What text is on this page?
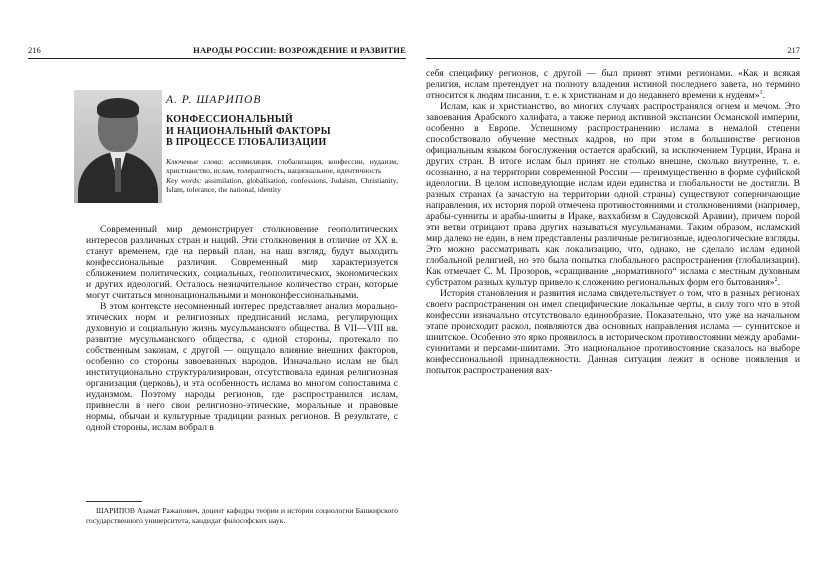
216	НАРОДЫ РОССИИ: ВОЗРОЖДЕНИЕ И РАЗВИТИЕ	217
А. Р. ШАРИПОВ
КОНФЕССИОНАЛЬНЫЙ
И НАЦИОНАЛЬНЫЙ ФАКТОРЫ
В ПРОЦЕССЕ ГЛОБАЛИЗАЦИИ

Ключевые слова: ассимиляция, глобализация, конфессии, иудаизм, христианство, ислам, толерантность, национальное, идентичность

Key words: assimilation, globalisation, confessions, Judaism, Christianity, Islam, tolerance, the national, identity

Современный мир демонстрирует столкновение геополитических интересов различных стран и наций. Эти столкновения в отличие от ХХ в. станут временем, где на первый план, на наш взгляд, будут выходить конфессиональные различия. Современный мир характеризуется сближением политических, социальных, геополитических, экономических и других идеологий. Осталось незначительное количество стран, которые могут считаться мононациональными и моноконфессиональными.

В этом контексте несомненный интерес представляет анализ морально-этических норм и религиозных предписаний ислама, регулирующих духовную и социальную жизнь мусульманского общества. В VII—VIII вв. развитие мусульманского общества, с одной стороны, протекало по собственным законам, с другой — ощущало влияние внешних факторов, особенно со стороны завоеванных народов. Изначально ислам не был институционально структурализирован, отсутствовала единая религиозная организация (церковь), и эта особенность ислама во многом сопоставима с иудаизмом. Поэтому народы регионов, где распространился ислам, привнесли в него свои религиозно-этические, моральные и правовые нормы, обычаи и культурные традиции разных регионов. В результате, с одной стороны, ислам вобрал в

ШАРИПОВ Азамат Ражапович, доцент кафедры теории и истории социологии Башкирского государственного университета, кандидат философских наук.

себя специфику регионов, с другой — был принят этими регионами. «Как и всякая религия, ислам претендует на полноту владения истиной последнего завета, но термино относится к людям писания, т. е. к христианам и до недавнего времени к нудеям»$^1$.

Ислам, как и христианство, во многих случаях распространялся огнем и мечом. Это завоевания Арабского халифата, а также период активной экспансии Османской империи, особенно в Европе. Успешному распространению ислама в немалой степени способствовало обучение местных кадров, но при этом в большинстве регионов официальным языком богослужения остается арабский, за исключением Турции, Ирана и других стран. В итоге ислам был принят не столько внешне, сколько внутренне, т. е. осознанно, а на территории современной России — преимущественно в форме суфийской идеологии. В целом исповедующие ислам идеи единства и глобальности не достигли. В разных странах (а зачастую на территории одной страны) существуют соперничающие направления, их история порой отмечена противостояниями и столкновениями (например, арабы-сунниты и арабы-шииты в Ираке, ваххабизм в Саудовской Аравии), причем порой эти ветви отрицают права других называться мусульманами. Таким образом, исламский мир далеко не един, в нем представлены различные религиозные, идеологические взгляды. Это можно рассматривать как локализацию, что, однако, не сделало ислам единой глобальной религией, но это была попытка глобального распространения (глобализации). Как отмечает С. М. Прозоров, «сращивание „нормативного“ ислама с местным духовным субстратом разных культур привело к сложению региональных форм его бытования»$^2$.

История становления и развития ислама свидетельствует о том, что в разных регионах своего распространения он имел специфические локальные черты, в силу того что в этой конфессии изначально отсутствовало единообразие. Показательно, что уже на начальном этапе происходит раскол, появляются два основных направления ислама — суннитское и шиитское. Особенно это ярко проявилось в историческом противостоянии между арабами-суннитами и персами-шиитами. Это национальное противостояние сказалось на выборе конфессиональной принадлежности. Данная ситуация лежит в основе появления и попыток распространения вах-
